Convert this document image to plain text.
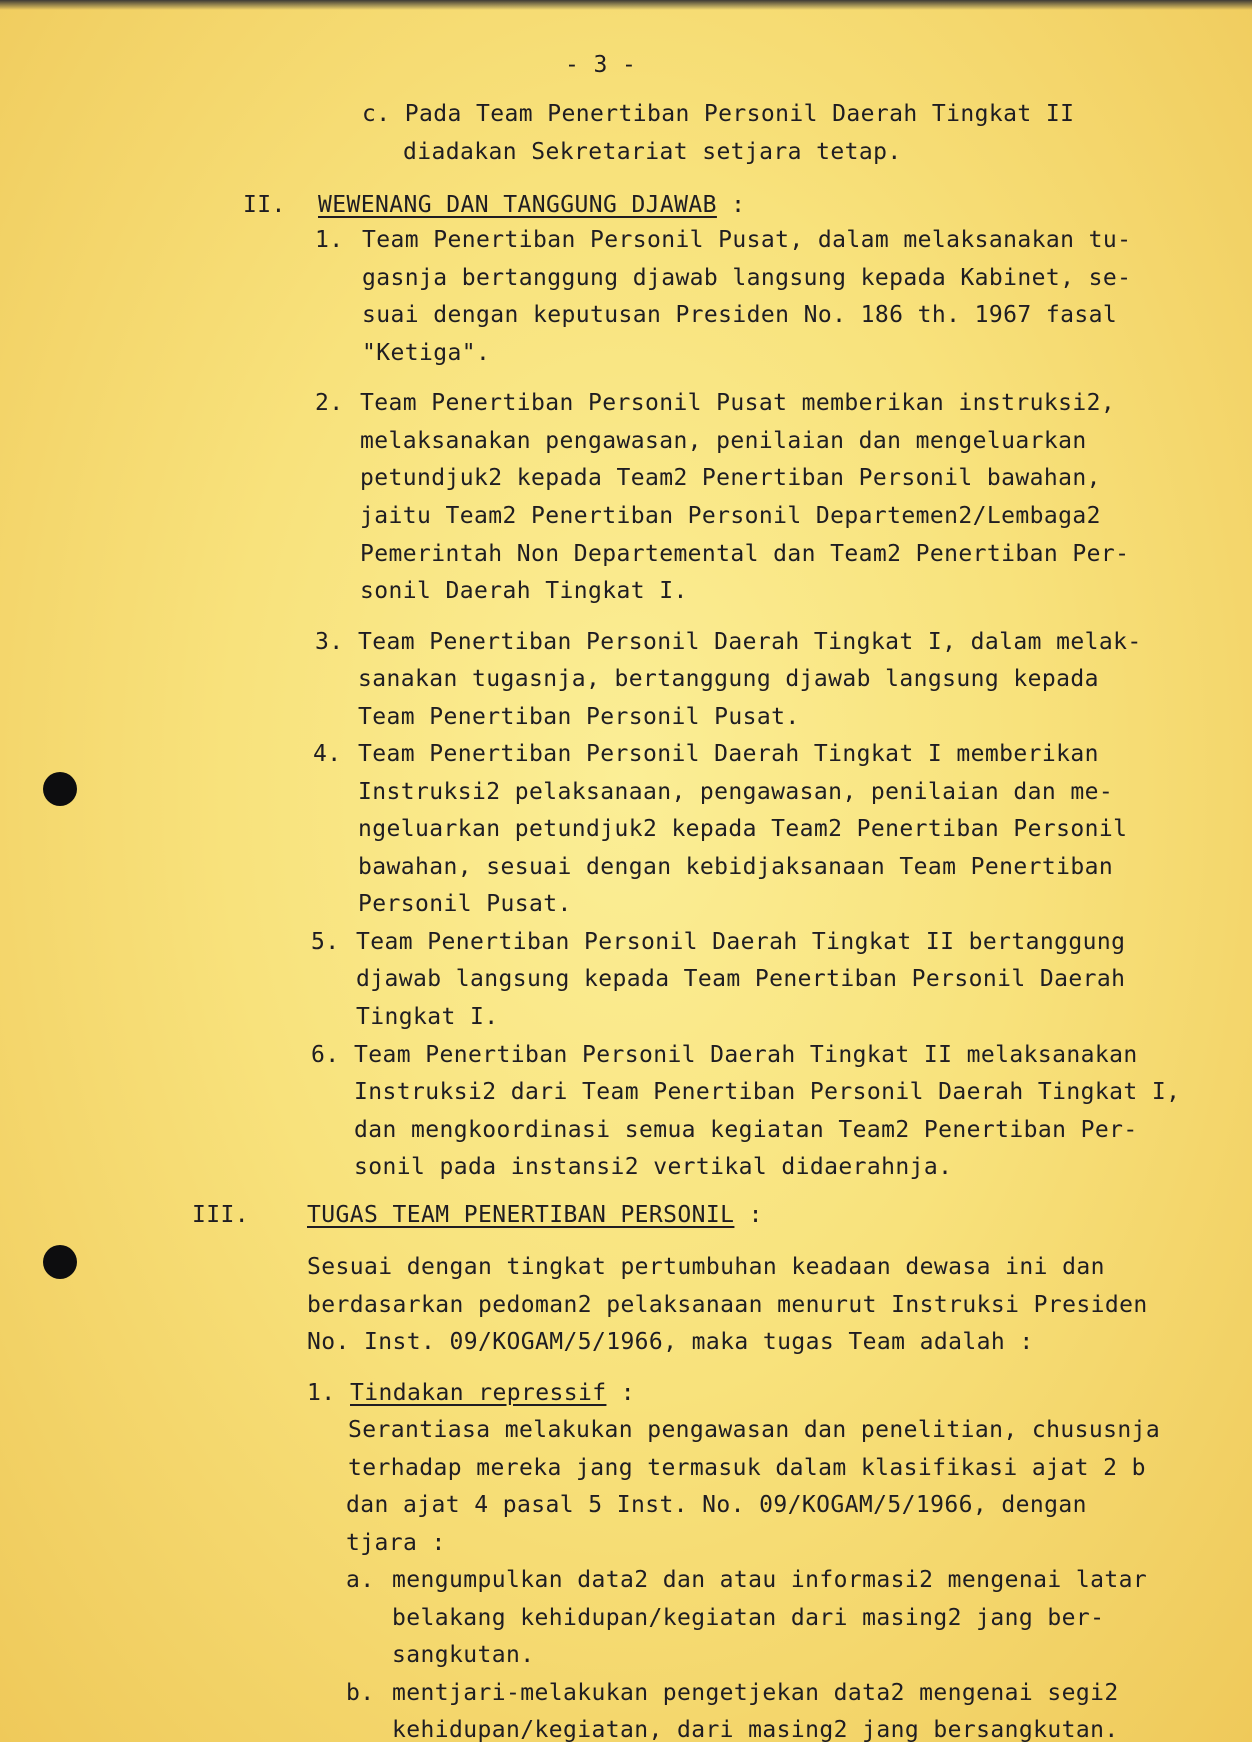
- 3 -
c. Pada Team Penertiban Personil Daerah Tingkat II
diadakan Sekretariat setjara tetap.
II. WEWENANG DAN TANGGUNG DJAWAB :
1. Team Penertiban Personil Pusat, dalam melaksanakan tu-
gasnja bertanggung djawab langsung kepada Kabinet, se-
suai dengan keputusan Presiden No. 186 th. 1967 fasal
"Ketiga".
2. Team Penertiban Personil Pusat memberikan instruksi2,
melaksanakan pengawasan, penilaian dan mengeluarkan
petundjuk2 kepada Team2 Penertiban Personil bawahan,
jaitu Team2 Penertiban Personil Departemen2/Lembaga2
Pemerintah Non Departemental dan Team2 Penertiban Per-
sonil Daerah Tingkat I.
3. Team Penertiban Personil Daerah Tingkat I, dalam melak-
sanakan tugasnja, bertanggung djawab langsung kepada
Team Penertiban Personil Pusat.
4. Team Penertiban Personil Daerah Tingkat I memberikan
Instruksi2 pelaksanaan, pengawasan, penilaian dan me-
ngeluarkan petundjuk2 kepada Team2 Penertiban Personil
bawahan, sesuai dengan kebidjaksanaan Team Penertiban
Personil Pusat.
5. Team Penertiban Personil Daerah Tingkat II bertanggung
djawab langsung kepada Team Penertiban Personil Daerah
Tingkat I.
6. Team Penertiban Personil Daerah Tingkat II melaksanakan
Instruksi2 dari Team Penertiban Personil Daerah Tingkat I,
dan mengkoordinasi semua kegiatan Team2 Penertiban Per-
sonil pada instansi2 vertikal didaerahnja.
III.	TUGAS TEAM PENERTIBAN PERSONIL :
Sesuai dengan tingkat pertumbuhan keadaan dewasa ini dan
berdasarkan pedoman2 pelaksanaan menurut Instruksi Presiden
No. Inst. 09/KOGAM/5/1966, maka tugas Team adalah :
1. Tindakan repressif :
Serantiasa melakukan pengawasan dan penelitian, chususnja
terhadap mereka jang termasuk dalam klasifikasi ajat 2 b
dan ajat 4 pasal 5 Inst. No. 09/KOGAM/5/1966, dengan
tjara :
a. mengumpulkan data2 dan atau informasi2 mengenai latar
belakang kehidupan/kegiatan dari masing2 jang ber-
sangkutan.
b. mentjari-melakukan pengetjekan data2 mengenai segi2
kehidupan/kegiatan, dari masing2 jang bersangkutan.
